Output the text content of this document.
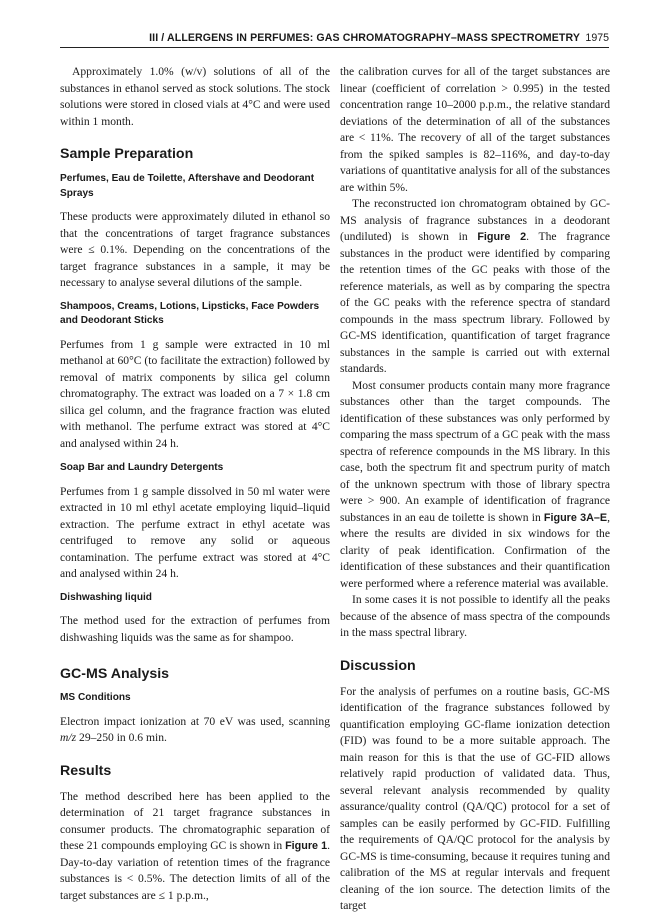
III / ALLERGENS IN PERFUMES: GAS CHROMATOGRAPHY–MASS SPECTROMETRY 1975

Approximately 1.0% (w/v) solutions of all of the substances in ethanol served as stock solutions. The stock solutions were stored in closed vials at 4°C and were used within 1 month.

Sample Preparation
Perfumes, Eau de Toilette, Aftershave and Deodorant Sprays

These products were approximately diluted in ethanol so that the concentrations of target fragrance substances were ≤ 0.1%. Depending on the concentrations of the target fragrance substances in a sample, it may be necessary to analyse several dilutions of the sample.

Shampoos, Creams, Lotions, Lipsticks, Face Powders and Deodorant Sticks

Perfumes from 1 g sample were extracted in 10 ml methanol at 60°C (to facilitate the extraction) followed by removal of matrix components by silica gel column chromatography. The extract was loaded on a 7 × 1.8 cm silica gel column, and the fragrance fraction was eluted with methanol. The perfume extract was stored at 4°C and analysed within 24 h.

Soap Bar and Laundry Detergents

Perfumes from 1 g sample dissolved in 50 ml water were extracted in 10 ml ethyl acetate employing liquid–liquid extraction. The perfume extract in ethyl acetate was centrifuged to remove any solid or aqueous contamination. The perfume extract was stored at 4°C and analysed within 24 h.

Dishwashing liquid

The method used for the extraction of perfumes from dishwashing liquids was the same as for shampoo.

GC-MS Analysis
MS Conditions

Electron impact ionization at 70 eV was used, scanning m/z 29–250 in 0.6 min.

Results

The method described here has been applied to the determination of 21 target fragrance substances in consumer products. The chromatographic separation of these 21 compounds employing GC is shown in Figure 1. Day-to-day variation of retention times of the fragrance substances is < 0.5%. The detection limits of all of the target substances are ≤ 1 p.p.m.,

the calibration curves for all of the target substances are linear (coefficient of correlation > 0.995) in the tested concentration range 10–2000 p.p.m., the relative standard deviations of the determination of all of the substances are < 11%. The recovery of all of the target substances from the spiked samples is 82–116%, and day-to-day variations of quantitative analysis for all of the substances are within 5%.

The reconstructed ion chromatogram obtained by GC-MS analysis of fragrance substances in a deodorant (undiluted) is shown in Figure 2. The fragrance substances in the product were identified by comparing the retention times of the GC peaks with those of the reference materials, as well as by comparing the spectra of the GC peaks with the reference spectra of standard compounds in the mass spectrum library. Followed by GC-MS identification, quantification of target fragrance substances in the sample is carried out with external standards.

Most consumer products contain many more fragrance substances other than the target compounds. The identification of these substances was only performed by comparing the mass spectrum of a GC peak with the mass spectra of reference compounds in the MS library. In this case, both the spectrum fit and spectrum purity of match of the unknown spectrum with those of library spectra were > 900. An example of identification of fragrance substances in an eau de toilette is shown in Figure 3A–E, where the results are divided in six windows for the clarity of peak identification. Confirmation of the identification of these substances and their quantification were performed where a reference material was available.

In some cases it is not possible to identify all the peaks because of the absence of mass spectra of the compounds in the mass spectral library.

Discussion

For the analysis of perfumes on a routine basis, GC-MS identification of the fragrance substances followed by quantification employing GC-flame ionization detection (FID) was found to be a more suitable approach. The main reason for this is that the use of GC-FID allows relatively rapid production of validated data. Thus, several relevant analysis recommended by quality assurance/quality control (QA/QC) protocol for a set of samples can be easily performed by GC-FID. Fulfilling the requirements of QA/QC protocol for the analysis by GC-MS is time-consuming, because it requires tuning and calibration of the MS at regular intervals and frequent cleaning of the ion source. The detection limits of the target
